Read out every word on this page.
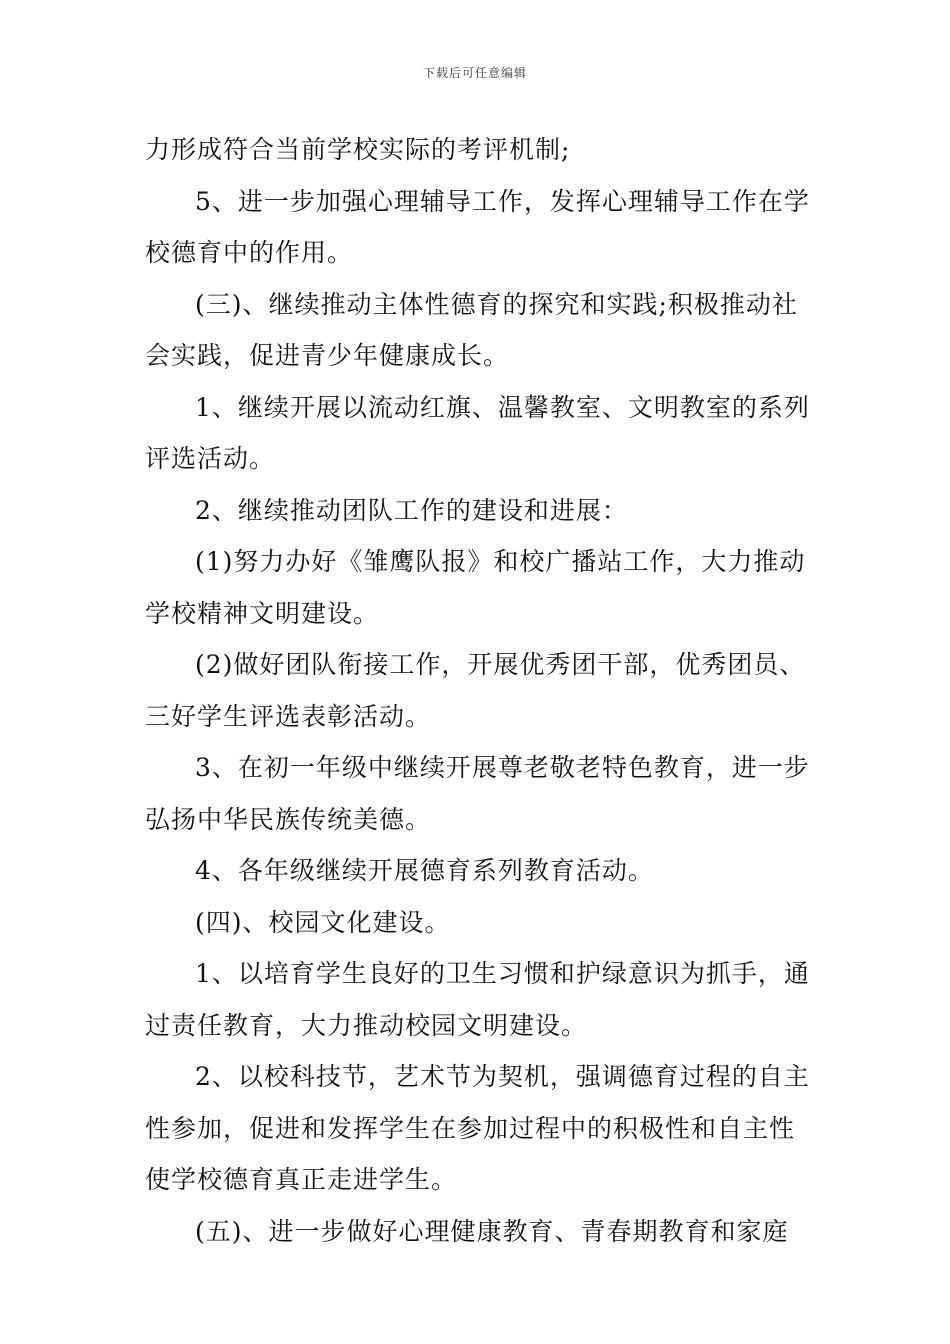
下载后可任意编辑
力形成符合当前学校实际的考评机制;
5、进一步加强心理辅导工作，发挥心理辅导工作在学
校德育中的作用。
(三)、继续推动主体性德育的探究和实践;积极推动社
会实践，促进青少年健康成长。
1、继续开展以流动红旗、温馨教室、文明教室的系列
评选活动。
2、继续推动团队工作的建设和进展：
(1)努力办好《雏鹰队报》和校广播站工作，大力推动
学校精神文明建设。
(2)做好团队衔接工作，开展优秀团干部，优秀团员、
三好学生评选表彰活动。
3、在初一年级中继续开展尊老敬老特色教育，进一步
弘扬中华民族传统美德。
4、各年级继续开展德育系列教育活动。
(四)、校园文化建设。
1、以培育学生良好的卫生习惯和护绿意识为抓手，通
过责任教育，大力推动校园文明建设。
2、以校科技节，艺术节为契机，强调德育过程的自主
性参加，促进和发挥学生在参加过程中的积极性和自主性
使学校德育真正走进学生。
(五)、进一步做好心理健康教育、青春期教育和家庭
